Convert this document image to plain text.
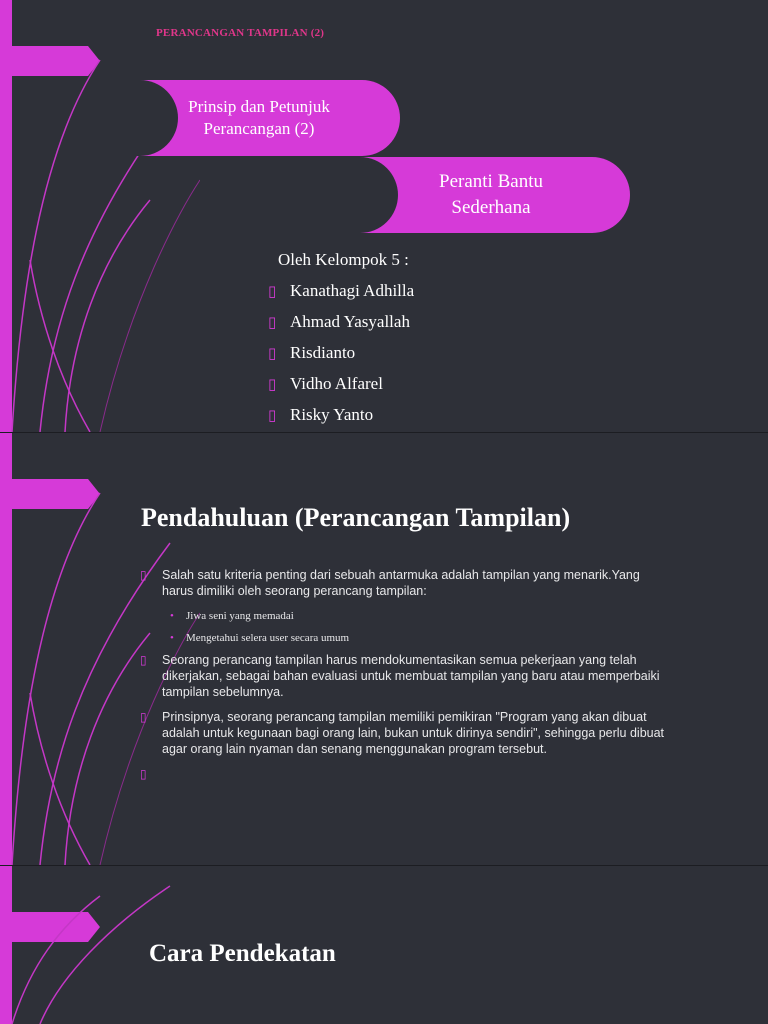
PERANCANGAN TAMPILAN (2)
Prinsip dan Petunjuk
Perancangan (2)
Peranti Bantu
Sederhana
Oleh Kelompok 5 :
▯ Kanathagi Adhilla
▯ Ahmad Yasyallah
▯ Risdianto
▯ Vidho Alfarel
▯ Risky Yanto
Pendahuluan (Perancangan Tampilan)
▯	Salah satu kriteria penting dari sebuah antarmuka adalah tampilan yang menarik.Yang harus dimiliki oleh seorang perancang tampilan:
•	Jiwa seni yang memadai
•	Mengetahui selera user secara umum
▯	Seorang perancang tampilan harus mendokumentasikan semua pekerjaan yang telah dikerjakan, sebagai bahan evaluasi untuk membuat tampilan yang baru atau memperbaiki tampilan sebelumnya.
▯	Prinsipnya, seorang perancang tampilan memiliki pemikiran "Program yang akan dibuat adalah untuk kegunaan bagi orang lain, bukan untuk dirinya sendiri", sehingga perlu dibuat agar orang lain nyaman dan senang menggunakan program tersebut.
▯
Cara Pendekatan
